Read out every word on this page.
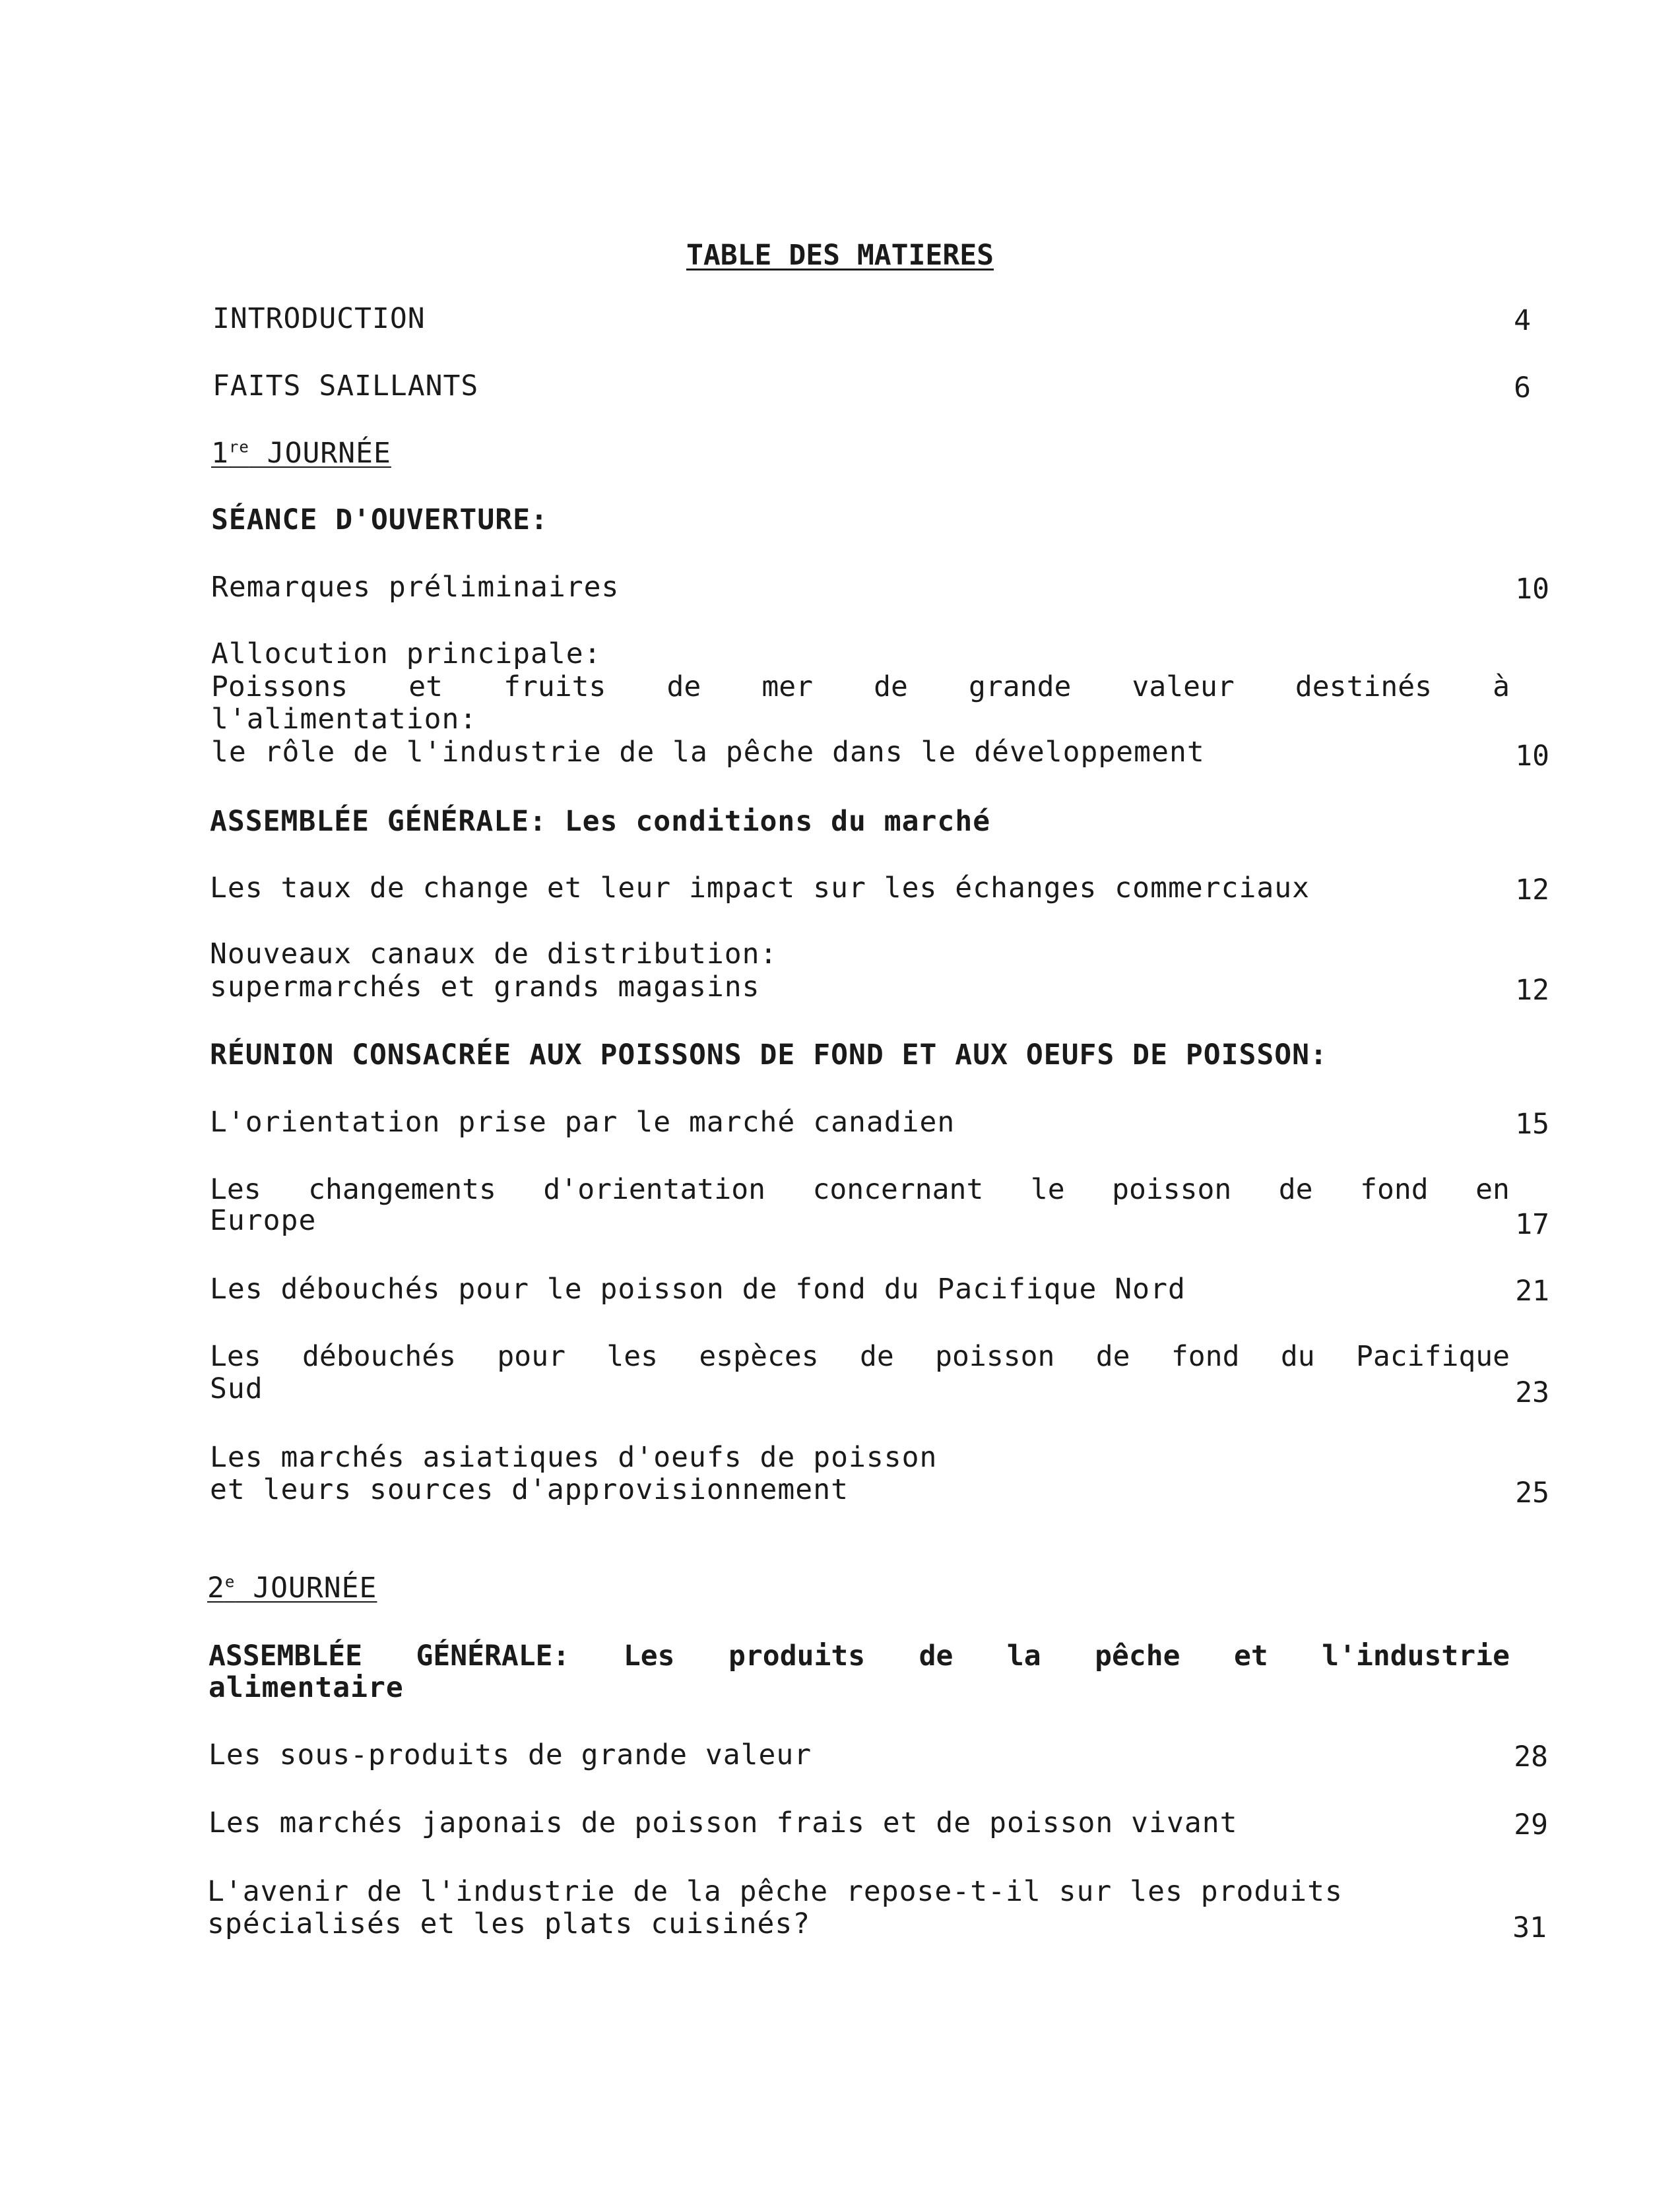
TABLE DES MATIERES
INTRODUCTION	4
FAITS SAILLANTS	6
1re JOURNÉE
SÉANCE D'OUVERTURE:
Remarques préliminaires	10
Allocution principale:
Poissons et fruits de mer de grande valeur destinés à
l'alimentation:
le rôle de l'industrie de la pêche dans le développement	10
ASSEMBLÉE GÉNÉRALE: Les conditions du marché
Les taux de change et leur impact sur les échanges commerciaux	12
Nouveaux canaux de distribution:
supermarchés et grands magasins	12
RÉUNION CONSACRÉE AUX POISSONS DE FOND ET AUX OEUFS DE POISSON:
L'orientation prise par le marché canadien	15
Les changements d'orientation concernant le poisson de fond en
Europe	17
Les débouchés pour le poisson de fond du Pacifique Nord	21
Les débouchés pour les espèces de poisson de fond du Pacifique
Sud	23
Les marchés asiatiques d'oeufs de poisson
et leurs sources d'approvisionnement	25
2e JOURNÉE
ASSEMBLÉE GÉNÉRALE: Les produits de la pêche et l'industrie
alimentaire
Les sous-produits de grande valeur	28
Les marchés japonais de poisson frais et de poisson vivant	29
L'avenir de l'industrie de la pêche repose-t-il sur les produits
spécialisés et les plats cuisinés?	31
